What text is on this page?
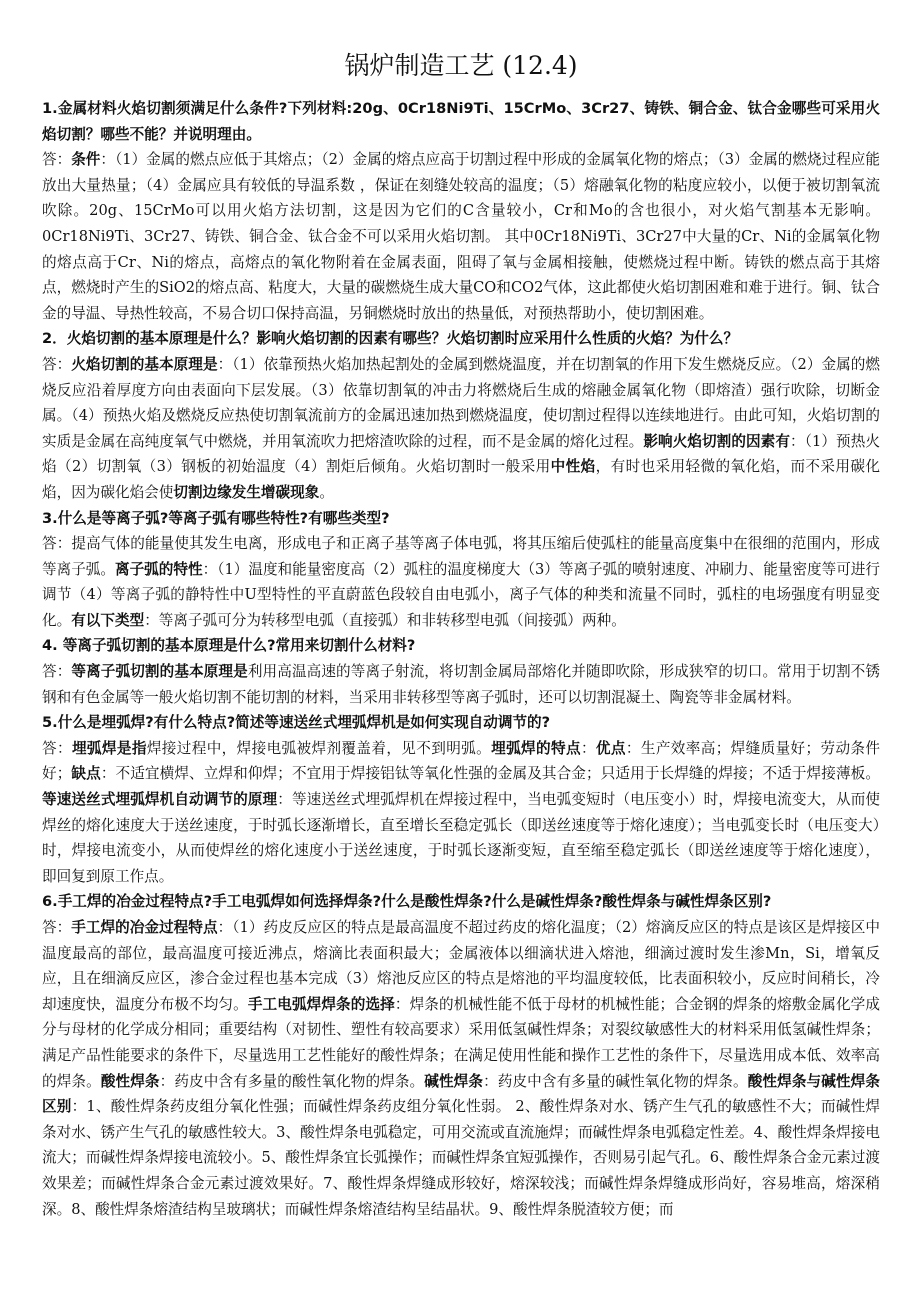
锅炉制造工艺 (12.4)

1.金属材料火焰切割须满足什么条件?下列材料:20g、0Cr18Ni9Ti、15CrMo、3Cr27、铸铁、铜合金、钛合金哪些可采用火焰切割？哪些不能？并说明理由。

答：条件：（1）金属的燃点应低于其熔点；（2）金属的熔点应高于切割过程中形成的金属氧化物的熔点；（3）金属的燃烧过程应能放出大量热量；（4）金属应具有较低的导温系数 ，保证在刻缝处较高的温度；（5）熔融氧化物的粘度应较小，以便于被切割氧流吹除。20g、15CrMo可以用火焰方法切割，这是因为它们的C含量较小，Cr和Mo的含也很小，对火焰气割基本无影响。0Cr18Ni9Ti、3Cr27、铸铁、铜合金、钛合金不可以采用火焰切割。 其中0Cr18Ni9Ti、3Cr27中大量的Cr、Ni的金属氧化物的熔点高于Cr、Ni的熔点，高熔点的氧化物附着在金属表面，阻碍了氧与金属相接触，使燃烧过程中断。铸铁的燃点高于其熔点，燃烧时产生的SiO2的熔点高、粘度大，大量的碳燃烧生成大量CO和CO2气体，这此都使火焰切割困难和难于进行。铜、钛合金的导温、导热性较高，不易合切口保持高温，另铜燃烧时放出的热量低，对预热帮助小，使切割困难。

2．火焰切割的基本原理是什么？影响火焰切割的因素有哪些？火焰切割时应采用什么性质的火焰？为什么？

答：火焰切割的基本原理是：（1）依靠预热火焰加热起割处的金属到燃烧温度，并在切割氧的作用下发生燃烧反应。（2）金属的燃烧反应沿着厚度方向由表面向下层发展。（3）依靠切割氧的冲击力将燃烧后生成的熔融金属氧化物（即熔渣）强行吹除，切断金属。（4）预热火焰及燃烧反应热使切割氧流前方的金属迅速加热到燃烧温度，使切割过程得以连续地进行。由此可知，火焰切割的实质是金属在高纯度氧气中燃烧，并用氧流吹力把熔渣吹除的过程，而不是金属的熔化过程。影响火焰切割的因素有：（1）预热火焰（2）切割氧（3）钢板的初始温度（4）割炬后倾角。火焰切割时一般采用中性焰，有时也采用轻微的氧化焰，而不采用碳化焰，因为碳化焰会使切割边缘发生增碳现象。

3.什么是等离子弧?等离子弧有哪些特性?有哪些类型?

答：提高气体的能量使其发生电离，形成电子和正离子基等离子体电弧，将其压缩后使弧柱的能量高度集中在很细的范围内，形成等离子弧。离子弧的特性：（1）温度和能量密度高（2）弧柱的温度梯度大（3）等离子弧的喷射速度、冲刷力、能量密度等可进行调节（4）等离子弧的静特性中U型特性的平直蔚蓝色段较自由电弧小，离子气体的种类和流量不同时，弧柱的电场强度有明显变化。有以下类型：等离子弧可分为转移型电弧（直接弧）和非转移型电弧（间接弧）两种。

4. 等离子弧切割的基本原理是什么?常用来切割什么材料?

答：等离子弧切割的基本原理是利用高温高速的等离子射流，将切割金属局部熔化并随即吹除，形成狭窄的切口。常用于切割不锈钢和有色金属等一般火焰切割不能切割的材料，当采用非转移型等离子弧时，还可以切割混凝土、陶瓷等非金属材料。

5.什么是埋弧焊?有什么特点?简述等速送丝式埋弧焊机是如何实现自动调节的?

答：埋弧焊是指焊接过程中，焊接电弧被焊剂覆盖着，见不到明弧。埋弧焊的特点：优点：生产效率高；焊缝质量好；劳动条件好；缺点：不适宜横焊、立焊和仰焊；不宜用于焊接铝钛等氧化性强的金属及其合金；只适用于长焊缝的焊接；不适于焊接薄板。等速送丝式埋弧焊机自动调节的原理：等速送丝式埋弧焊机在焊接过程中，当电弧变短时（电压变小）时，焊接电流变大，从而使焊丝的熔化速度大于送丝速度，于时弧长逐渐增长，直至增长至稳定弧长（即送丝速度等于熔化速度）；当电弧变长时（电压变大）时，焊接电流变小，从而使焊丝的熔化速度小于送丝速度，于时弧长逐渐变短，直至缩至稳定弧长（即送丝速度等于熔化速度），即回复到原工作点。

6.手工焊的冶金过程特点?手工电弧焊如何选择焊条?什么是酸性焊条?什么是碱性焊条?酸性焊条与碱性焊条区别?

答：手工焊的冶金过程特点：（1）药皮反应区的特点是最高温度不超过药皮的熔化温度；（2）熔滴反应区的特点是该区是焊接区中温度最高的部位，最高温度可接近沸点，熔滴比表面积最大；金属液体以细滴状进入熔池，细滴过渡时发生渗Mn，Si，增氧反应，且在细滴反应区，渗合金过程也基本完成（3）熔池反应区的特点是熔池的平均温度较低，比表面积较小，反应时间稍长，冷却速度快，温度分布极不均匀。手工电弧焊焊条的选择：焊条的机械性能不低于母材的机械性能；合金钢的焊条的熔敷金属化学成分与母材的化学成分相同；重要结构（对韧性、塑性有较高要求）采用低氢碱性焊条；对裂纹敏感性大的材料采用低氢碱性焊条；满足产品性能要求的条件下，尽量选用工艺性能好的酸性焊条；在满足使用性能和操作工艺性的条件下，尽量选用成本低、效率高的焊条。酸性焊条：药皮中含有多量的酸性氧化物的焊条。碱性焊条：药皮中含有多量的碱性氧化物的焊条。酸性焊条与碱性焊条区别：1、酸性焊条药皮组分氧化性强；而碱性焊条药皮组分氧化性弱。 2、酸性焊条对水、锈产生气孔的敏感性不大；而碱性焊条对水、锈产生气孔的敏感性较大。3、酸性焊条电弧稳定，可用交流或直流施焊；而碱性焊条电弧稳定性差。4、酸性焊条焊接电流大；而碱性焊条焊接电流较小。5、酸性焊条宜长弧操作；而碱性焊条宜短弧操作，否则易引起气孔。6、酸性焊条合金元素过渡效果差；而碱性焊条合金元素过渡效果好。7、酸性焊条焊缝成形较好，熔深较浅；而碱性焊条焊缝成形尚好，容易堆高，熔深稍深。8、酸性焊条熔渣结构呈玻璃状；而碱性焊条熔渣结构呈结晶状。9、酸性焊条脱渣较方便；而
